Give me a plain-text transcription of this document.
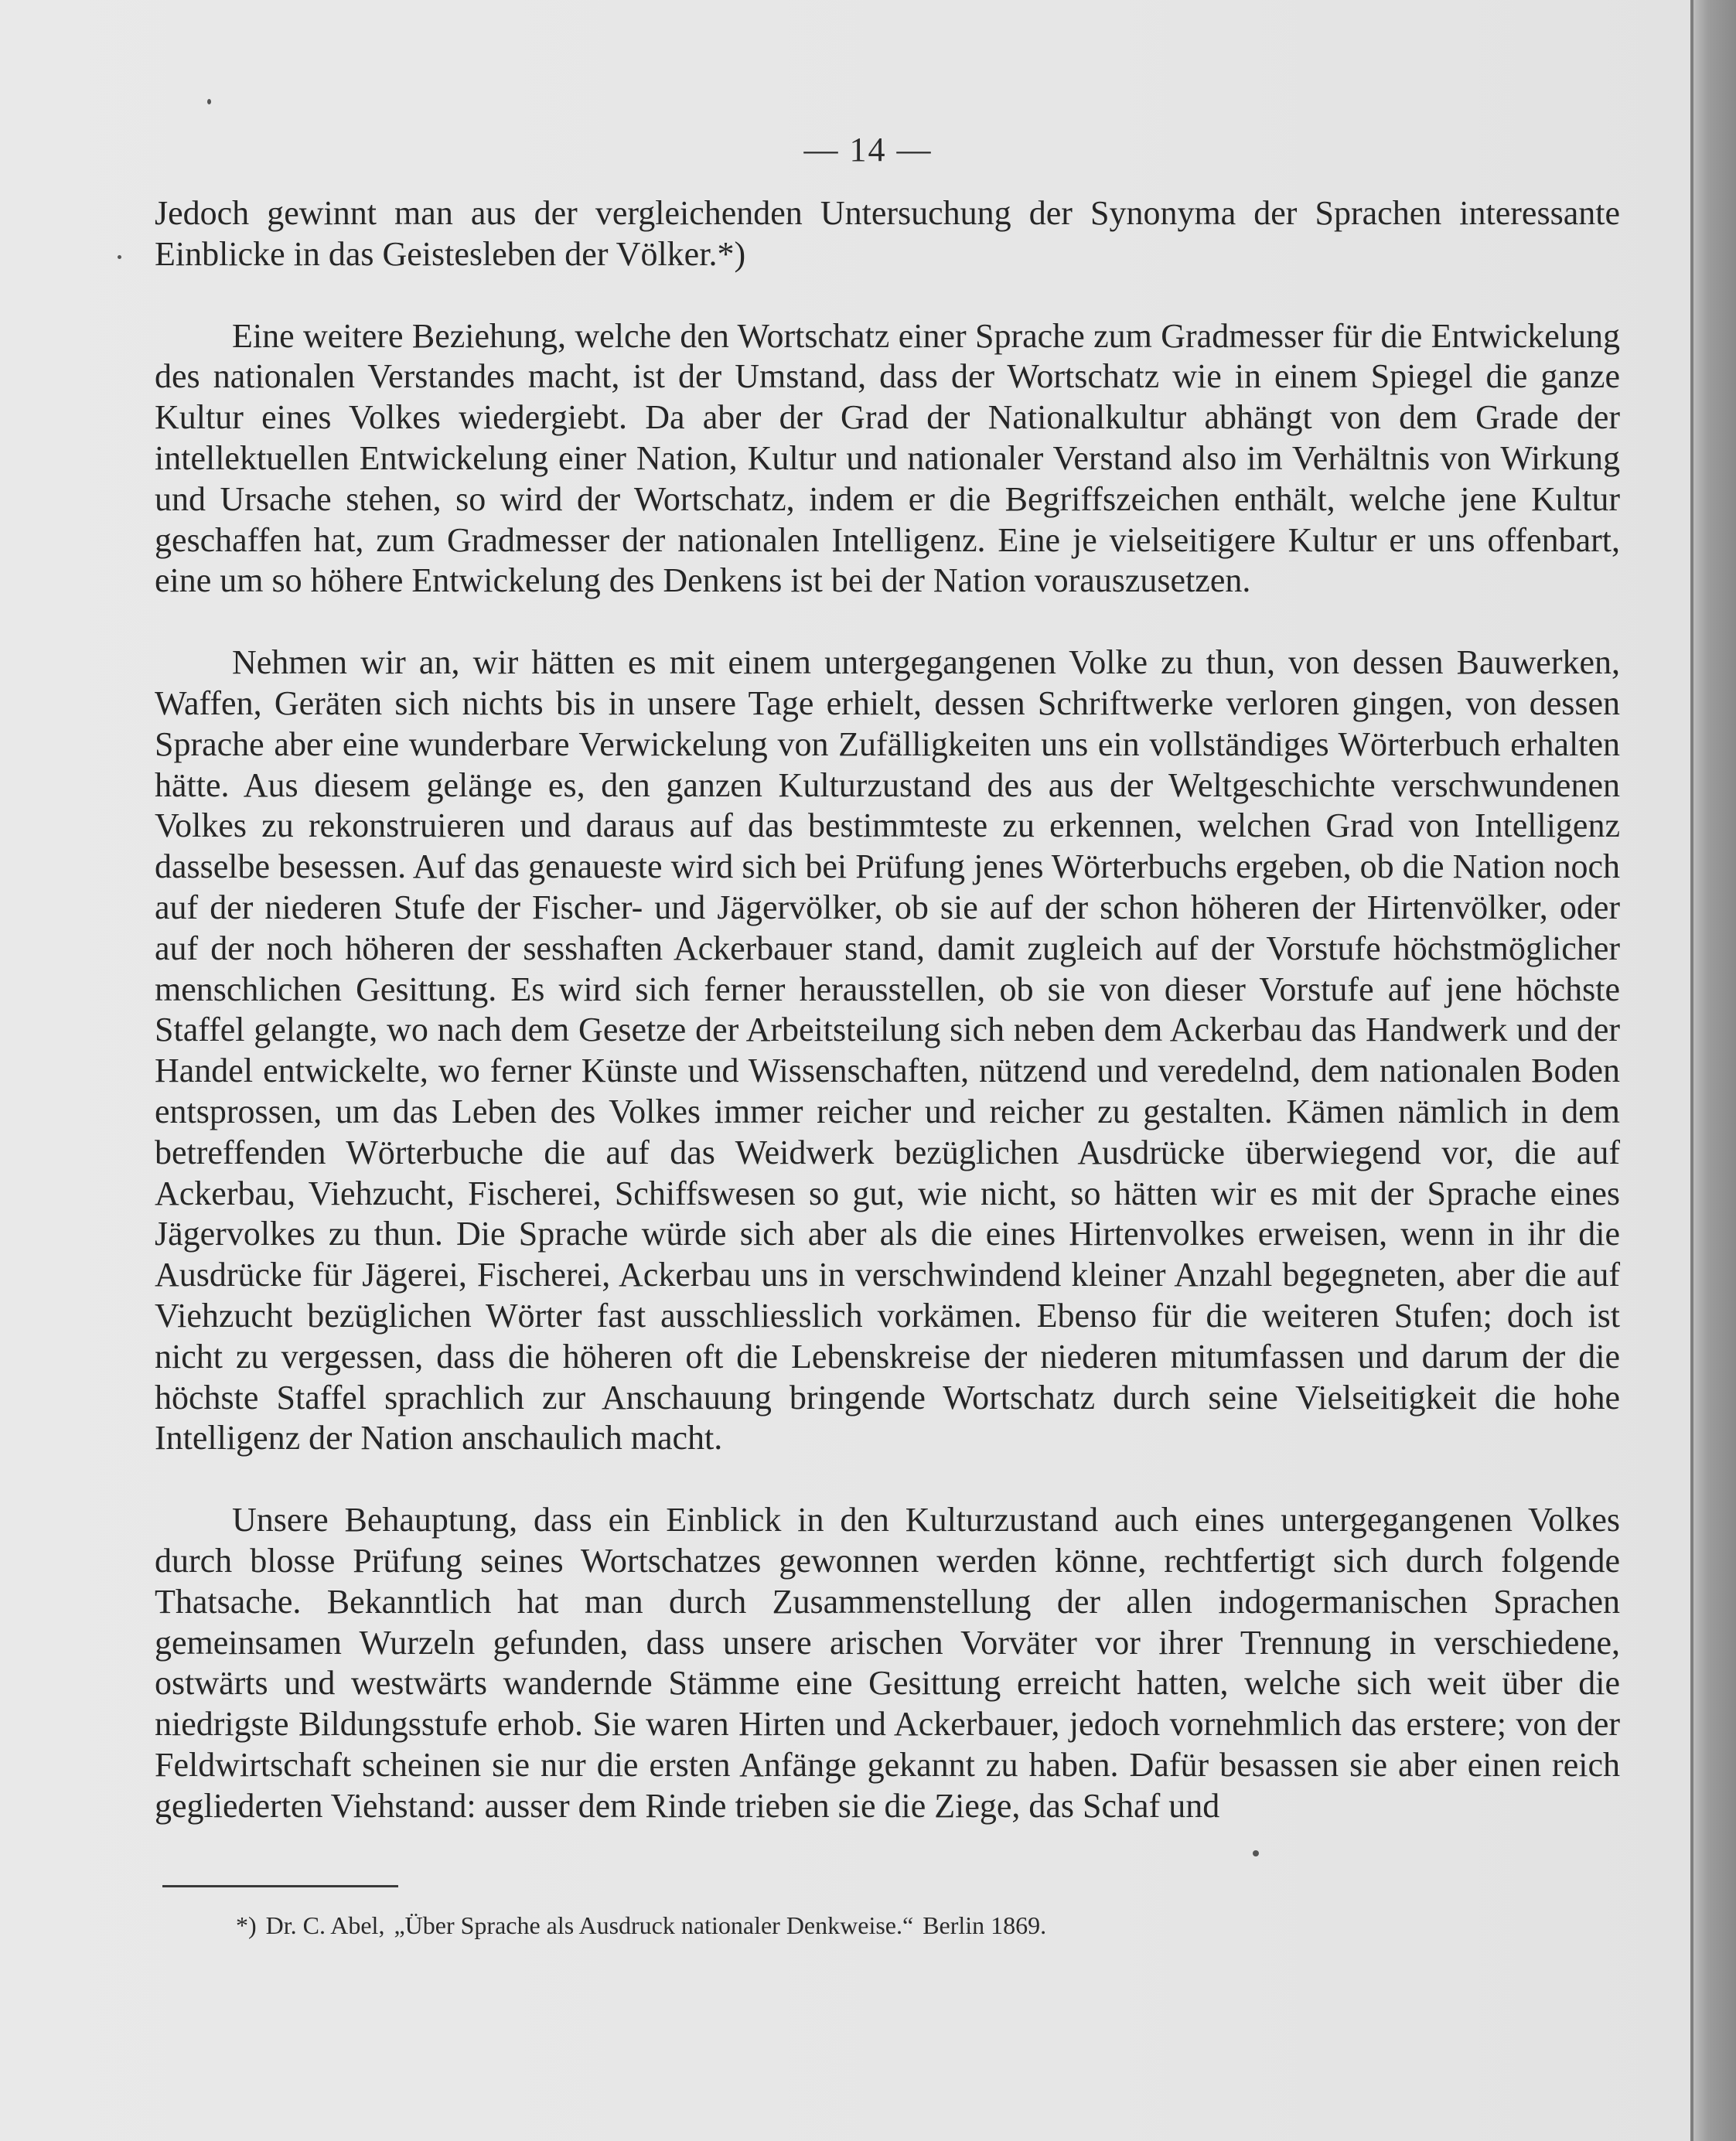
— 14 —

Jedoch gewinnt man aus der vergleichenden Untersuchung der Synonyma der Sprachen interessante Einblicke in das Geistesleben der Völker.*)

Eine weitere Beziehung, welche den Wortschatz einer Sprache zum Gradmesser für die Entwickelung des nationalen Verstandes macht, ist der Umstand, dass der Wortschatz wie in einem Spiegel die ganze Kultur eines Volkes wiedergiebt. Da aber der Grad der Nationalkultur abhängt von dem Grade der intellektuellen Entwickelung einer Nation, Kultur und nationaler Verstand also im Verhältnis von Wirkung und Ursache stehen, so wird der Wortschatz, indem er die Begriffszeichen enthält, welche jene Kultur geschaffen hat, zum Gradmesser der nationalen Intelligenz. Eine je vielseitigere Kultur er uns offenbart, eine um so höhere Entwickelung des Denkens ist bei der Nation vorauszusetzen.

Nehmen wir an, wir hätten es mit einem untergegangenen Volke zu thun, von dessen Bauwerken, Waffen, Geräten sich nichts bis in unsere Tage erhielt, dessen Schriftwerke verloren gingen, von dessen Sprache aber eine wunderbare Verwickelung von Zufälligkeiten uns ein vollständiges Wörterbuch erhalten hätte. Aus diesem gelänge es, den ganzen Kulturzustand des aus der Weltgeschichte verschwundenen Volkes zu rekonstruieren und daraus auf das bestimmteste zu erkennen, welchen Grad von Intelligenz dasselbe besessen. Auf das genaueste wird sich bei Prüfung jenes Wörterbuchs ergeben, ob die Nation noch auf der niederen Stufe der Fischer- und Jägervölker, ob sie auf der schon höheren der Hirtenvölker, oder auf der noch höheren der sesshaften Ackerbauer stand, damit zugleich auf der Vorstufe höchstmöglicher menschlichen Gesittung. Es wird sich ferner herausstellen, ob sie von dieser Vorstufe auf jene höchste Staffel gelangte, wo nach dem Gesetze der Arbeitsteilung sich neben dem Ackerbau das Handwerk und der Handel entwickelte, wo ferner Künste und Wissenschaften, nützend und veredelnd, dem nationalen Boden entsprossen, um das Leben des Volkes immer reicher und reicher zu gestalten. Kämen nämlich in dem betreffenden Wörterbuche die auf das Weidwerk bezüglichen Ausdrücke überwiegend vor, die auf Ackerbau, Viehzucht, Fischerei, Schiffswesen so gut, wie nicht, so hätten wir es mit der Sprache eines Jägervolkes zu thun. Die Sprache würde sich aber als die eines Hirtenvolkes erweisen, wenn in ihr die Ausdrücke für Jägerei, Fischerei, Ackerbau uns in verschwindend kleiner Anzahl begegneten, aber die auf Viehzucht bezüglichen Wörter fast ausschliesslich vorkämen. Ebenso für die weiteren Stufen; doch ist nicht zu vergessen, dass die höheren oft die Lebenskreise der niederen mitumfassen und darum der die höchste Staffel sprachlich zur Anschauung bringende Wortschatz durch seine Vielseitigkeit die hohe Intelligenz der Nation anschaulich macht.

Unsere Behauptung, dass ein Einblick in den Kulturzustand auch eines untergegangenen Volkes durch blosse Prüfung seines Wortschatzes gewonnen werden könne, rechtfertigt sich durch folgende Thatsache. Bekanntlich hat man durch Zusammenstellung der allen indogermanischen Sprachen gemeinsamen Wurzeln gefunden, dass unsere arischen Vorväter vor ihrer Trennung in verschiedene, ostwärts und westwärts wandernde Stämme eine Gesittung erreicht hatten, welche sich weit über die niedrigste Bildungsstufe erhob. Sie waren Hirten und Ackerbauer, jedoch vornehmlich das erstere; von der Feldwirtschaft scheinen sie nur die ersten Anfänge gekannt zu haben. Dafür besassen sie aber einen reich gegliederten Viehstand: ausser dem Rinde trieben sie die Ziege, das Schaf und

*) Dr. C. Abel, „Über Sprache als Ausdruck nationaler Denkweise.“ Berlin 1869.
